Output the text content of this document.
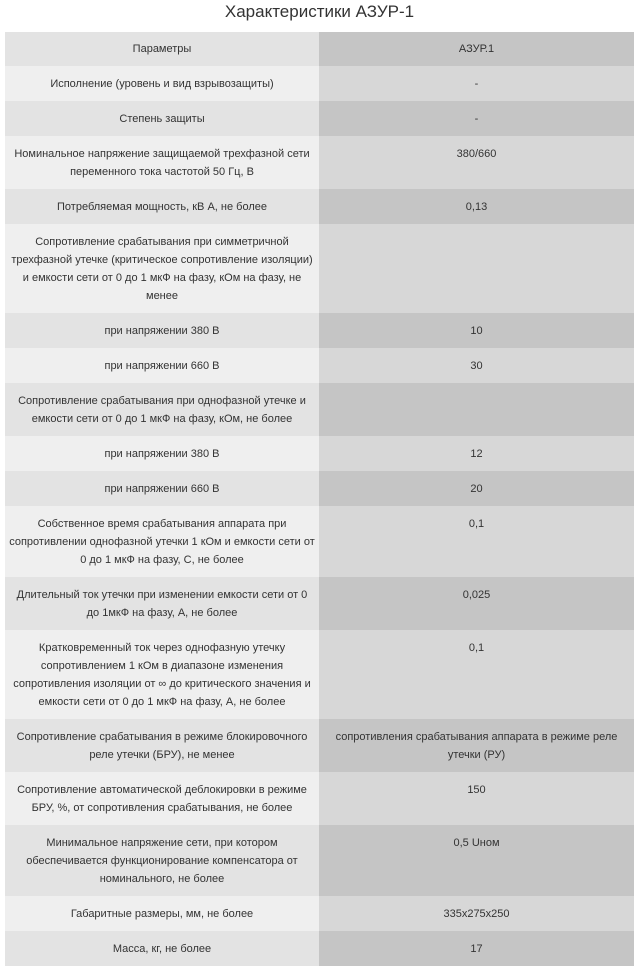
Характеристики АЗУР-1
Параметры	АЗУР.1
Исполнение (уровень и вид взрывозащиты)	-
Степень защиты	-
Номинальное напряжение защищаемой трехфазной сети переменного тока частотой 50 Гц, В	380/660
Потребляемая мощность, кВ А, не более	0,13
Сопротивление срабатывания при симметричной трехфазной утечке (критическое сопротивление изоляции) и емкости сети от 0 до 1 мкФ на фазу, кОм на фазу, не менее	
при напряжении 380 В	10
при напряжении 660 В	30
Сопротивление срабатывания при однофазной утечке и емкости сети от 0 до 1 мкФ на фазу, кОм, не более	
при напряжении 380 В	12
при напряжении 660 В	20
Собственное время срабатывания аппарата при сопротивлении однофазной утечки 1 кОм и емкости сети от 0 до 1 мкФ на фазу, С, не более	0,1
Длительный ток утечки при изменении емкости сети от 0 до 1мкФ на фазу, А, не более	0,025
Кратковременный ток через однофазную утечку сопротивлением 1 кОм в диапазоне изменения сопротивления изоляции от ∞ до критического значения и емкости сети от 0 до 1 мкФ на фазу, А, не более	0,1
Сопротивление срабатывания в режиме блокировочного реле утечки (БРУ), не менее	сопротивления срабатывания аппарата в режиме реле утечки (РУ)
Сопротивление автоматической деблокировки в режиме БРУ, %, от сопротивления срабатывания, не более	150
Минимальное напряжение сети, при котором обеспечивается функционирование компенсатора от номинального, не более	0,5 Uном
Габаритные размеры, мм, не более	335х275х250
Масса, кг, не более	17
